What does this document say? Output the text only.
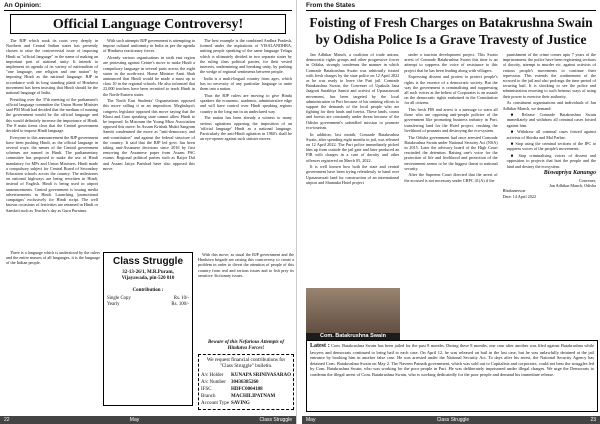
An Opinion:
Official Language Controversy!

The BJP which sunk its roots very deeply in Northern and Central Indian states has presently chosen to raise the controversial issue of imposing Hindi as "official language" in the name of making an important part of national unity. It intends to implement its agenda of its variety of nationalism of "one language, one religion and one nation" by imposing Hindi as the national language. BJP in accordance with its long standing plank of Hindutva movement has been insisting that Hindi should be the national language of India.

Presiding over the 37th meeting of the parliament's official language committee the Union Home Minister said PM Modi had decided that the medium of running the government would be the official language and this would definitely increase the importance of Hindi. The 8 main items clear that the Central government decided to impose Hindi language.

Everyone to this announcement the BJP government have been pushing Hindi, as the official language in several ways: the names of the Central government schemes are named in Hindi. The parliamentary committee has proposed to make the use of Hindi mandatory for MPs and Union Ministers. Hindi made a compulsory subject for Central Board of Secondary Education schools across the country. The milestones on national highways are being rewritten in Hindi, instead of English. Hindi is being used in airport announcements. Central government is issuing media advertisements in Hindi. Launching 'promotional campaigns' exclusively for Hindi script. The well known occasions of festivities are renamed in Hindi or Sanskrit such as Teacher's day as Guru Purnima.

With such attempts BJP government is attempting to impose cultural uniformity in India as per the agenda of Hindutva reactionary forces.

Already various organisations in sixth east region are protesting against Centre's move to make Hindi a compulsory language in several parts across the eight states in the north-east. Home Minister Amit Shah announced that Hindi would be made a must up to class 10 in the regional schools. He also informed that 22,000 teachers have been recruited to teach Hindi in the North-Eastern states.

The North East Students' Organisations opposed this move calling it as an imposition. Meghalaya's congress legislator opposed this move saying that the Khasi and Garo speaking state cannot allow Hindi to be imposed. In Mizoram the Young Mizo Association opposed this move. In Assam Krishak Mukti Sangram Samiti condemned the move as "anti-democracy and anti-constitution" and against the federal structure of the country. It said that the BJP led govt. has been taking anti-Assamese decisions since 2016 by first removing the Assamese paper from Assam PSC exams. Regional political parties such as Raijor Dal and Assam Jatiya Parishad have also opposed this move.

The best example is the combined Andhra Pradesh, formed under the aspirations of VISALANDHRA, uniting people speaking of the same language Telugu which is ultimately divided in two separate states by the ruling class political parties, for their vested interests, undermining and breaking unity, by pushing the wedge of regional sentiments between people.

India is a multi-lingual country from ages, which has no necessity of any particular language to unite them into a nation.

Thus the BJP rulers are moving to give Hindu speakers the economic, academic, administrative edge and will have control over Hindi speaking regions country in the long run in an undeclared way.

The nation has been already a witness to many serious agitations opposing the imposition of an 'official language' Hindi as a national language. Particularly the anti-Hindi agitation in 1960's shall be an eye-opener against such sinister moves.

There is a language which is understood by the rulers and the entire masses of all languages, it is the language of the Indian people.	Class Struggle
32-13-26/1, M.R.Puram,
Vijayawada, pin-520 010
Contribution :
Single Copy	Rs. 10/-
Yearly	Rs. 100/-

With this move, as usual the BJP government and the Hindutva brigade are raising this controversy to create a problem in order to divert the attention of people of this country from real and serious issues and to fish prey its sensitive /fictionary issues.

Beware of this Nefarious Attempts of Hindutva Forces!
We request financial contributions for "Class Struggle" bulletin.
A/c Holder	KUNAPA SRINIVASARAO
A/c Number	30436385260
IFSC	HDFC0004188
Branch	MACHILIPATNAM
Account Type SAVING
22	May	Class Struggle
From the States
Foisting of Fresh Charges on Batakrushna Swain by Odisha Police Is a Grave Travesty of Justice

Jan Adhikar Manch, a coalition of trade unions, democratic rights groups and other progressive forces in Odisha, strongly condemns the manner in which Comrade Batakrushna Swain was arbitrarily foisted with fresh charges by the state police on 12 April 2022 as he was ready to leave the Puri jail. Comrade Batakrushna Swain, the Convener of Upakula Jana Jaagrati Surakhya Samiti and activist of Upasaraswati movement, has been targeted by the local administration in Puri because of his untiring efforts to support the demands of the local people who are fighting for their lands and forests. These lands, coasts and forests are constantly under threat because of the Odisha government's unbridled mission to promote eco-tourism.

In addition, last month, Comrade Batakrushna Swain, after spending eight months in jail, was released on 12 April 2022. The Puri police immediately picked him up from outside the jail gate and later produced an FIR with charges in a case of dacoity and other offences registered on March 05, 2022.

It is well known how both the state and central government have been trying relentlessly to hand over Upasaraswati land for construction of an international airport and Shamuka Hotel project

under a tourism development project. This Swain arrest of Comrade Batakrushna Swain this time is an attempt to suppress the voice of resistance to this project that he has been leading along with villagers.

Expressing dissent and protest to protect people's rights is the essence of a democratic society. But the way the government is criminalising and suppressing all such voices at the behest of Corporates is an assault on the democratic rights enshrined in the Constitution for all citizens.

This fresh FIR and arrest is a message to warn all those who are opposing anti-people policies of the government like promoting business industry in Puri, transferring land for the Hotel project, crushing the livelihood of peasants and destroying the eco-system.

The Odisha government had once arrested Comrade Batakrushna Swain under National Security Act (NSA) in 2015. Later the advisory board of the High Court rescinded the detention. Raising one's voice for the protection of life and livelihood and protection of the environment seems to be the biggest threat to national security.

After the Supreme Court directed that the arrest of the accused is not necessary under CRPC 41(A) if the

punishment of the crime comes upto 7 years of the imprisonment, the police have been registering sections of dacoity, attempt to murder etc. against activists of various people's movements to continue their repression. This extends the confinement of the accused to the jail and also prolongs the time period of securing bail. It is shocking to see the police and administration resorting to such heinous ways of using their power to exercise their authority.

As constituent organisations and individuals of Jan Adhikar Manch, we demand:

■ Release Comrade Batakrushna Swain immediately and withdraw all criminal cases foisted against him.

■ Withdraw all criminal cases foisted against activists of Shirdia and Mal Parbat.

■ Stop using the criminal sections of the IPC to suppress voices of the people's movements.

■ Stop criminalising voices of dissent and opposition to projects that hurt the people and the land and destroy the ecosystem.

Biswapriya Kanungo
Convener,
Jan Adhikar Manch, Odisha
Bhubaneswar
Date: 14 April 2022
Com. Batakrushna Swain
Latest : Com. Batakrushna Swain has been jailed for the past 8 months. During these 8 months, one case after another was filed against Batakrushna while lawyers and democrats continued to bring bail to each case. On April 12, he was released on bail in the last case, but he was unlawfully detained at the jail entrance by booking him in another false case. He was arrested under the National Security Act. To days after his arrest, the National Security Agency has detained Com. Batakrushna Swain on May 2. The Naveen Patnaik government, which was sold out to Capitalists and corporates, could not bear the struggles led by Com. Batakrushna Swain, who was working for the poor people in Puri. He was deliberately imprisoned under illegal charges. We urge the Democrats to condemn the illegal arrest of Com. Batakrushna Swain, who is working dedicatedly for the poor people and demand his immediate release.
May	Class Struggle	23
